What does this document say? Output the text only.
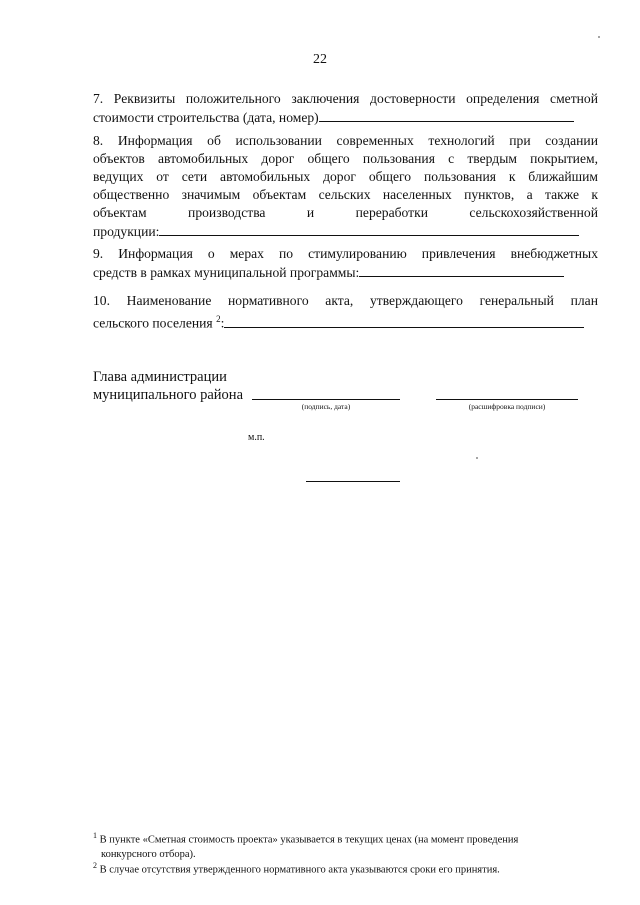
22
7. Реквизиты положительного заключения достоверности определения сметной
стоимости строительства (дата, номер)
8. Информация об использовании современных технологий при создании
объектов автомобильных дорог общего пользования с твердым покрытием,
ведущих от сети автомобильных дорог общего пользования к ближайшим
общественно значимым объектам сельских населенных пунктов, а также к
объектам производства и переработки сельскохозяйственной
продукции:
9. Информация о мерах по стимулированию привлечения внебюджетных
средств в рамках муниципальной программы:
10. Наименование нормативного акта, утверждающего генеральный план
сельского поселения $^2$:
Глава администрации
муниципального района
(подпись, дата)	(расшифровка подписи)
м.п.
$^1$ В пункте «Сметная стоимость проекта» указывается в текущих ценах (на момент проведения
конкурсного отбора).
$^2$ В случае отсутствия утвержденного нормативного акта указываются сроки его принятия.
